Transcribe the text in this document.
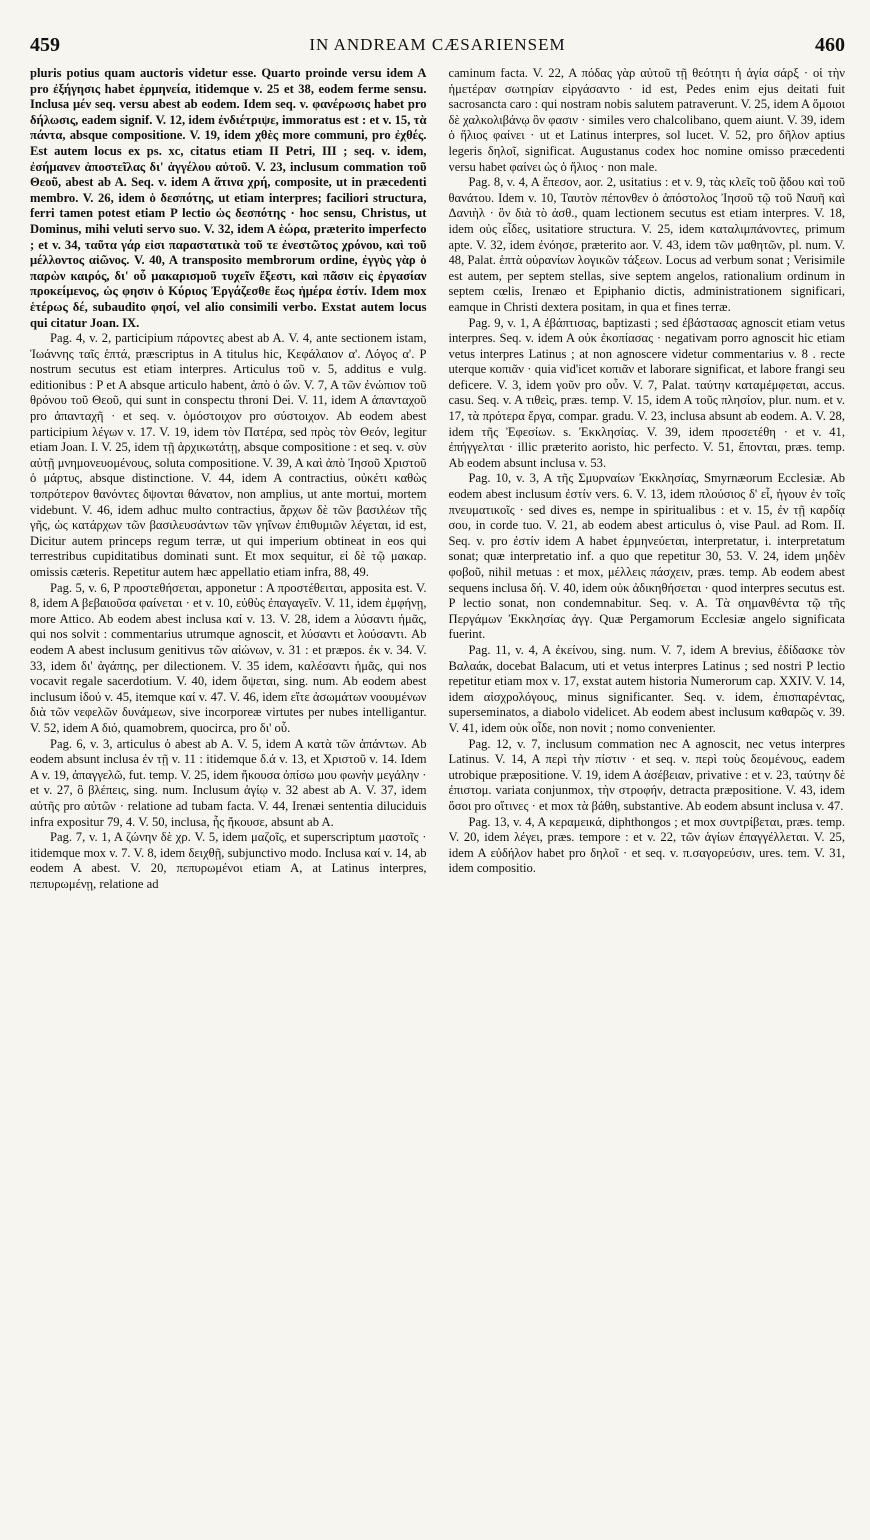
459	IN ANDREAM CÆSARIENSEM	460

pluris potius quam auctoris videtur esse. Quarto proinde versu idem A pro ἐξήγησις habet ἑρμηνεία, itidemque v. 25 et 38, eodem ferme sensu. Inclusa μέν seq. versu abest ab eodem. Idem seq. v. φανέρωσις habet pro δήλωσις, eadem signif. V. 12, idem ἐνδιέτριψε, immoratus est : et v. 15, τὰ πάντα, absque compositione. V. 19, idem χθὲς more communi, pro ἐχθές. Est autem locus ex ps. xc, citatus etiam II Petri, III ; seq. v. idem, ἐσήμανεν ἀποστεῖλας δι' ἀγγέλου αὐτοῦ. V. 23, inclusum commation τοῦ Θεοῦ, abest ab A. Seq. v. idem A ἅτινα χρή, composite, ut in præcedenti membro. V. 26, idem ὁ δεσπότης, ut etiam interpres; faciliori structura, ferri tamen potest etiam P lectio ὡς δεσπότης · hoc sensu, Christus, ut Dominus, mihi veluti servo suo. V. 32, idem A ἑώρα, præterito imperfecto ; et v. 34, ταῦτα γάρ εἰσι παραστατικὰ τοῦ τε ἐνεστῶτος χρόνου, καὶ τοῦ μέλλοντος αἰῶνος. V. 40, A transposito membrorum ordine, ἐγγὺς γὰρ ὁ παρὼν καιρός, δι' οὗ μακαρισμοῦ τυχεῖν ἔξεστι, καὶ πᾶσιν εἰς ἐργασίαν προκείμενος, ὡς φησιν ὁ Κύριος Ἐργάζεσθε ἕως ἡμέρα ἐστίν. Idem mox ἑτέρως δέ, subaudito φησί, vel alio consimili verbo. Exstat autem locus qui citatur Joan. IX.

Pag. 4, v. 2, participium πάροντες abest ab A. V. 4, ante sectionem istam, Ἰωάννης ταῖς ἑπτά, præscriptus in A titulus hic, Κεφάλαιον α'. Λόγος α'. P nostrum secutus est etiam interpres. Articulus τοῦ v. 5, additus e vulg. editionibus : P et A absque articulo habent, ἀπὸ ὁ ὤν. V. 7, A τῶν ἐνώπιον τοῦ θρόνου τοῦ Θεοῦ, qui sunt in conspectu throni Dei. V. 11, idem A ἁπανταχοῦ pro ἁπανταχῆ · et seq. v. ὁμόστοιχον pro σύστοιχον. Ab eodem abest participium λέγων v. 17. V. 19, idem τὸν Πατέρα, sed πρὸς τὸν Θεόν, legitur etiam Joan. I. V. 25, idem τῇ ἀρχικωτάτῃ, absque compositione : et seq. v. σὺν αὐτῇ μνημονευομένους, soluta compositione. V. 39, A καὶ ἀπὸ Ἰησοῦ Χριστοῦ ὁ μάρτυς, absque distinctione. V. 44, idem A contractius, οὐκέτι καθὼς τοπρότερον θανόντες δψονται θάνατον, non amplius, ut ante mortui, mortem videbunt. V. 46, idem adhuc multo contractius, ἄρχων δὲ τῶν βασιλέων τῆς γῆς, ὡς κατάρχων τῶν βασιλευσάντων τῶν γηΐνων ἐπιθυμιῶν λέγεται, id est, Dicitur autem princeps regum terræ, ut qui imperium obtineat in eos qui terrestribus cupiditatibus dominati sunt. Et mox sequitur, εἰ δὲ τῷ μακαρ. omissis cæteris. Repetitur autem hæc appellatio etiam infra, 88, 49.

Pag. 5, v. 6, P προστεθήσεται, apponetur : A προστέθειται, apposita est. V. 8, idem A βεβαιοῦσα φαίνεται · et v. 10, εὐθὺς ἐπαγαγεῖν. V. 11, idem ἐμφήνῃ, more Attico. Ab eodem abest inclusa καί v. 13. V. 28, idem a λύσαντι ἡμᾶς, qui nos solvit : commentarius utrumque agnoscit, et λύσαντι et λούσαντι. Ab eodem A abest inclusum genitivus τῶν αἰώνων, v. 31 : et præpos. ἐκ v. 34. V. 33, idem δι' ἀγάπης, per dilectionem. V. 35 idem, καλέσαντι ἡμᾶς, qui nos vocavit regale sacerdotium. V. 40, idem ὄψεται, sing. num. Ab eodem abest inclusum ἰδού v. 45, itemque καί v. 47. V. 46, idem εἴτε ἀσωμάτων νοουμένων διὰ τῶν νεφελῶν δυνάμεων, sive incorporeæ virtutes per nubes intelligantur. V. 52, idem A διό, quamobrem, quocirca, pro δι' οὗ.

Pag. 6, v. 3, articulus ὁ abest ab A. V. 5, idem A κατὰ τῶν ἁπάντων. Ab eodem absunt inclusa ἐν τῇ v. 11 : itidemque δ.ά v. 13, et Χριστοῦ v. 14. Idem A v. 19, ἀπαγγελῶ, fut. temp. V. 25, idem ἤκουσα ὀπίσω μου φωνὴν μεγάλην · et v. 27, ὃ βλέπεις, sing. num. Inclusum ἁγίῳ v. 32 abest ab A. V. 37, idem αὐτῆς pro αὐτῶν · relatione ad tubam facta. V. 44, Irenæi sententia diluciduis infra expositur 79, 4. V. 50, inclusa, ἧς ἤκουσε, absunt ab A.

Pag. 7, v. 1, A ζώνην δὲ χρ. V. 5, idem μαζοῖς, et superscriptum μαστοῖς · itidemque mox v. 7. V. 8, idem δειχθῇ, subjunctivo modo. Inclusa καί v. 14, ab eodem A abest. V. 20, πεπυρωμένοι etiam A, at Latinus interpres, πεπυρωμένῃ, relatione ad

caminum facta. V. 22, A πόδας γὰρ αὐτοῦ τῇ θεότητι ἡ ἁγία σάρξ · οἱ τὴν ἡμετέραν σωτηρίαν εἰργάσαντο · id est, Pedes enim ejus deitati fuit sacrosancta caro : qui nostram nobis salutem patraverunt. V. 25, idem A ὅμοιοι δὲ χαλκολιβάνῳ ὃν φασιν · similes vero chalcolibano, quem aiunt. V. 39, idem ὁ ἥλιος φαίνει · ut et Latinus interpres, sol lucet. V. 52, pro δῆλον aptius legeris δηλοῖ, significat. Augustanus codex hoc nomine omisso præcedenti versu habet φαίνει ὡς ὁ ἥλιος · non male.

Pag. 8, v. 4, A ἔπεσον, aor. 2, usitatius : et v. 9, τὰς κλεῖς τοῦ ᾅδου καὶ τοῦ θανάτου. Idem v. 10, Ταυτὸν πέπονθεν ὁ ἀπόστολος Ἰησοῦ τῷ τοῦ Ναυῆ καὶ Δανιὴλ · ὃν διὰ τὸ ἀσθ., quam lectionem secutus est etiam interpres. V. 18, idem οὐς εἶδες, usitatiore structura. V. 25, idem καταλιμπάνοντες, primum apte. V. 32, idem ἐνόησε, præterito aor. V. 43, idem τῶν μαθητῶν, pl. num. V. 48, Palat. ἑπτὰ οὐρανίων λογικῶν τάξεων. Locus ad verbum sonat ; Verisimile est autem, per septem stellas, sive septem angelos, rationalium ordinum in septem cœlis, Irenæo et Epiphanio dictis, administrationem significari, eamque in Christi dextera positam, in qua et fines terræ.

Pag. 9, v. 1, A ἐβάπτισας, baptizasti ; sed ἐβάστασας agnoscit etiam vetus interpres. Seq. v. idem A οὐκ ἐκοπίασας · negativam porro agnoscit hic etiam vetus interpres Latinus ; at non agnoscere videtur commentarius v. 8 . recte uterque κοπιᾶν · quia vid'icet κοπιᾶν et laborare significat, et labore frangi seu deficere. V. 3, idem γοῦν pro οὖν. V. 7, Palat. ταύτην καταμέμφεται, accus. casu. Seq. v. A τιθεὶς, præs. temp. V. 15, idem A τοῦς πλησίον, plur. num. et v. 17, τὰ πρότερα ἔργα, compar. gradu. V. 23, inclusa absunt ab eodem. A. V. 28, idem τῆς Ἐφεσίων. s. Ἐκκλησίας. V. 39, idem προσετέθη · et v. 41, ἐπήγγελται · illic præterito aoristo, hic perfecto. V. 51, ἔπονται, præs. temp. Ab eodem absunt inclusa v. 53.

Pag. 10, v. 3, A τῆς Σμυρναίων Ἐκκλησίας, Smyrnæorum Ecclesiæ. Ab eodem abest inclusum ἐστίν vers. 6. V. 13, idem πλούσιος δ' εἶ, ἡγουν ἐν τοῖς πνευματικοῖς · sed dives es, nempe in spiritualibus : et v. 15, ἐν τῇ καρδίᾳ σου, in corde tuo. V. 21, ab eodem abest articulus ὁ, vise Paul. ad Rom. II. Seq. v. pro ἐστίν idem A habet ἑρμηνεύεται, interpretatur, i. interpretatum sonat; quæ interpretatio inf. a quo que repetitur 30, 53. V. 24, idem μηδὲν φοβοῦ, nihil metuas : et mox, μέλλεις πάσχειν, præs. temp. Ab eodem abest sequens inclusa δή. V. 40, idem οὐκ ἀδικηθήσεται · quod interpres secutus est. P lectio sonat, non condemnabitur. Seq. v. A. Τὰ σημανθέντα τῷ τῆς Περγάμων Ἐκκλησίας ἀγγ. Quæ Pergamorum Ecclesiæ angelo significata fuerint.

Pag. 11, v. 4, A ἐκείνου, sing. num. V. 7, idem A brevius, ἐδίδασκε τὸν Βαλαάκ, docebat Balacum, uti et vetus interpres Latinus ; sed nostri P lectio repetitur etiam mox v. 17, exstat autem historia Numerorum cap. XXIV. V. 14, idem αἰσχρολόγους, minus significanter. Seq. v. idem, ἐπισπαρέντας, superseminatos, a diabolo videlicet. Ab eodem abest inclusum καθαρῶς v. 39. V. 41, idem οὐκ οἶδε, non novit ; nomo convenienter.

Pag. 12, v. 7, inclusum commation nec A agnoscit, nec vetus interpres Latinus. V. 14, A περὶ τὴν πίστιν · et seq. v. περὶ τοὺς δεομένους, eadem utrobique præpositione. V. 19, idem A ἀσέβειαν, privative : et v. 23, ταύτην δὲ ἐπιστομ. variata conjunmox, τὴν στροφήν, detracta præpositione. V. 43, idem ὅσοι pro οἵτινες · et mox τὰ βάθη, substantive. Ab eodem absunt inclusa v. 47.

Pag. 13, v. 4, A κεραμεικά, diphthongos ; et mox συντρίβεται, præs. temp. V. 20, idem λέγει, præs. tempore : et v. 22, τῶν ἁγίων ἐπαγγέλλεται. V. 25, idem A εὐδήλον habet pro δηλοῖ · et seq. v. π.σαγορεύσιν, ures. tem. V. 31, idem compositio.
